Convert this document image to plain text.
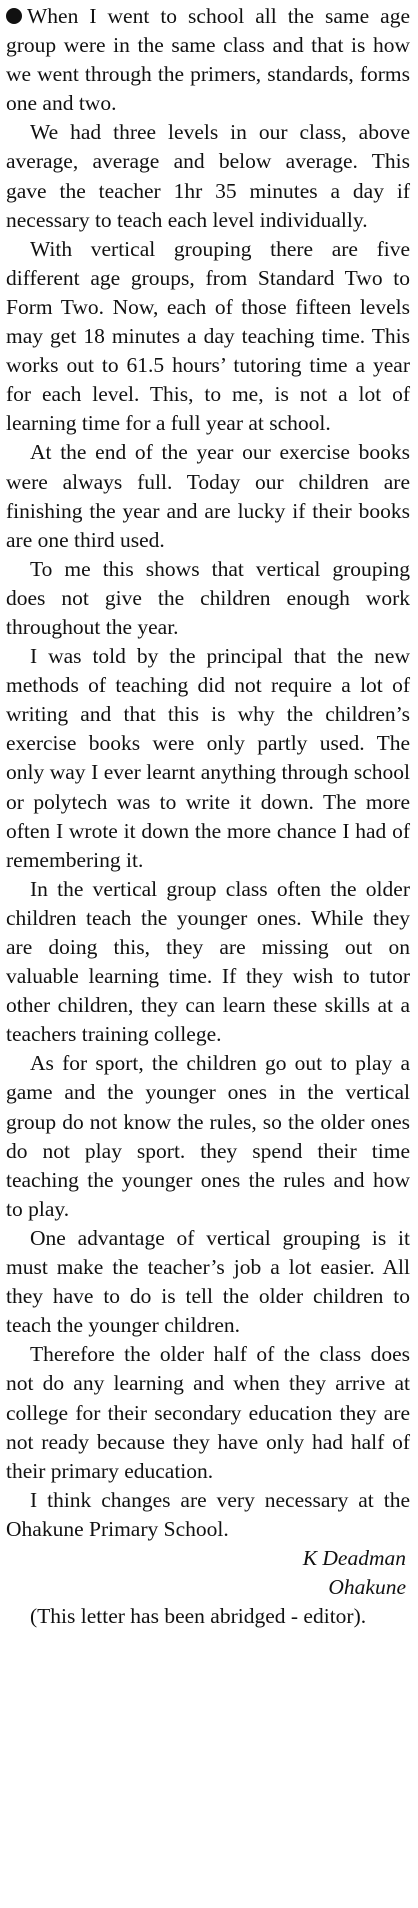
When I went to school all the same age group were in the same class and that is how we went through the primers, standards, forms one and two.

We had three levels in our class, above average, average and below average. This gave the teacher 1hr 35 minutes a day if necessary to teach each level individually.

With vertical grouping there are five different age groups, from Standard Two to Form Two. Now, each of those fifteen levels may get 18 minutes a day teaching time. This works out to 61.5 hours’ tutoring time a year for each level. This, to me, is not a lot of learning time for a full year at school.

At the end of the year our exercise books were always full. Today our children are finishing the year and are lucky if their books are one third used.

To me this shows that vertical grouping does not give the children enough work throughout the year.

I was told by the principal that the new methods of teaching did not require a lot of writing and that this is why the children’s exercise books were only partly used. The only way I ever learnt anything through school or polytech was to write it down. The more often I wrote it down the more chance I had of remembering it.

In the vertical group class often the older children teach the younger ones. While they are doing this, they are missing out on valuable learning time. If they wish to tutor other children, they can learn these skills at a teachers training college.

As for sport, the children go out to play a game and the younger ones in the vertical group do not know the rules, so the older ones do not play sport. they spend their time teaching the younger ones the rules and how to play.

One advantage of vertical grouping is it must make the teacher’s job a lot easier. All they have to do is tell the older children to teach the younger children.

Therefore the older half of the class does not do any learning and when they arrive at college for their secondary education they are not ready because they have only had half of their primary education.

I think changes are very necessary at the Ohakune Primary School.

K Deadman

Ohakune

(This letter has been abridged - editor).
